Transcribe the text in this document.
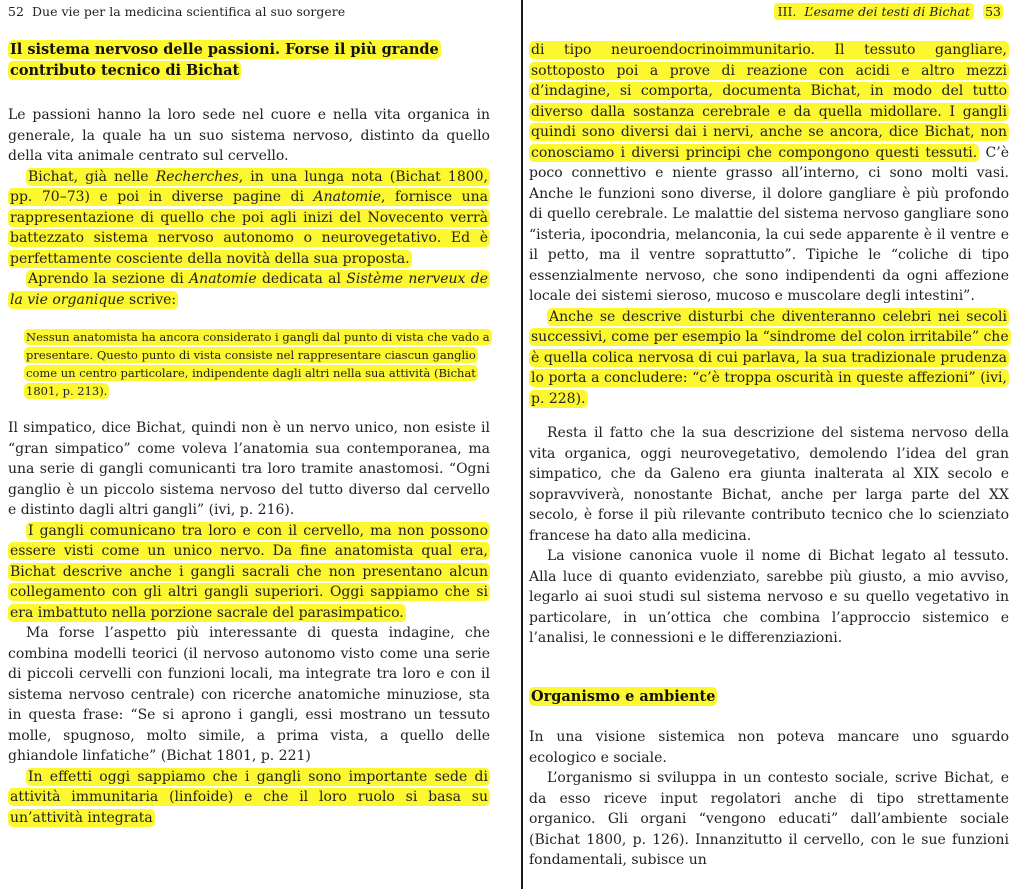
52 Due vie per la medicina scientifica al suo sorgere
Il sistema nervoso delle passioni. Forse il più grande contributo tecnico di Bichat

Le passioni hanno la loro sede nel cuore e nella vita organica in generale, la quale ha un suo sistema nervoso, distinto da quello della vita animale centrato sul cervello.

Bichat, già nelle Recherches, in una lunga nota (Bichat 1800, pp. 70–73) e poi in diverse pagine di Anatomie, fornisce una rappresentazione di quello che poi agli inizi del Novecento verrà battezzato sistema nervoso autonomo o neurovegetativo. Ed è perfettamente cosciente della novità della sua proposta.

Aprendo la sezione di Anatomie dedicata al Sistème nerveux de la vie organique scrive:

Nessun anatomista ha ancora considerato i gangli dal punto di vista che vado a presentare. Questo punto di vista consiste nel rappresentare ciascun ganglio come un centro particolare, indipendente dagli altri nella sua attività (Bichat 1801, p. 213).

Il simpatico, dice Bichat, quindi non è un nervo unico, non esiste il “gran simpatico” come voleva l’anatomia sua contemporanea, ma una serie di gangli comunicanti tra loro tramite anastomosi. “Ogni ganglio è un piccolo sistema nervoso del tutto diverso dal cervello e distinto dagli altri gangli” (ivi, p. 216).

I gangli comunicano tra loro e con il cervello, ma non possono essere visti come un unico nervo. Da fine anatomista qual era, Bichat descrive anche i gangli sacrali che non presentano alcun collegamento con gli altri gangli superiori. Oggi sappiamo che si era imbattuto nella porzione sacrale del parasimpatico.

Ma forse l’aspetto più interessante di questa indagine, che combina modelli teorici (il nervoso autonomo visto come una serie di piccoli cervelli con funzioni locali, ma integrate tra loro e con il sistema nervoso centrale) con ricerche anatomiche minuziose, sta in questa frase: “Se si aprono i gangli, essi mostrano un tessuto molle, spugnoso, molto simile, a prima vista, a quello delle ghiandole linfatiche” (Bichat 1801, p. 221)

In effetti oggi sappiamo che i gangli sono importante sede di attività immunitaria (linfoide) e che il loro ruolo si basa su un’attività integrata

III. L’esame dei testi di Bichat	53

di tipo neuroendocrinoimmunitario. Il tessuto gangliare, sottoposto poi a prove di reazione con acidi e altro mezzi d’indagine, si comporta, documenta Bichat, in modo del tutto diverso dalla sostanza cerebrale e da quella midollare. I gangli quindi sono diversi dai i nervi, anche se ancora, dice Bichat, non conosciamo i diversi principi che compongono questi tessuti. C’è poco connettivo e niente grasso all’interno, ci sono molti vasi. Anche le funzioni sono diverse, il dolore gangliare è più profondo di quello cerebrale. Le malattie del sistema nervoso gangliare sono “isteria, ipocondria, melanconia, la cui sede apparente è il ventre e il petto, ma il ventre soprattutto”. Tipiche le “coliche di tipo essenzialmente nervoso, che sono indipendenti da ogni affezione locale dei sistemi sieroso, mucoso e muscolare degli intestini”.

Anche se descrive disturbi che diventeranno celebri nei secoli successivi, come per esempio la “sindrome del colon irritabile” che è quella colica nervosa di cui parlava, la sua tradizionale prudenza lo porta a concludere: “c’è troppa oscurità in queste affezioni” (ivi, p. 228).

Resta il fatto che la sua descrizione del sistema nervoso della vita organica, oggi neurovegetativo, demolendo l’idea del gran simpatico, che da Galeno era giunta inalterata al XIX secolo e sopravviverà, nonostante Bichat, anche per larga parte del XX secolo, è forse il più rilevante contributo tecnico che lo scienziato francese ha dato alla medicina.

La visione canonica vuole il nome di Bichat legato al tessuto. Alla luce di quanto evidenziato, sarebbe più giusto, a mio avviso, legarlo ai suoi studi sul sistema nervoso e su quello vegetativo in particolare, in un’ottica che combina l’approccio sistemico e l’analisi, le connessioni e le differenziazioni.

Organismo e ambiente

In una visione sistemica non poteva mancare uno sguardo ecologico e sociale.

L’organismo si sviluppa in un contesto sociale, scrive Bichat, e da esso riceve input regolatori anche di tipo strettamente organico. Gli organi “vengono educati” dall’ambiente sociale (Bichat 1800, p. 126). Innanzitutto il cervello, con le sue funzioni fondamentali, subisce un
